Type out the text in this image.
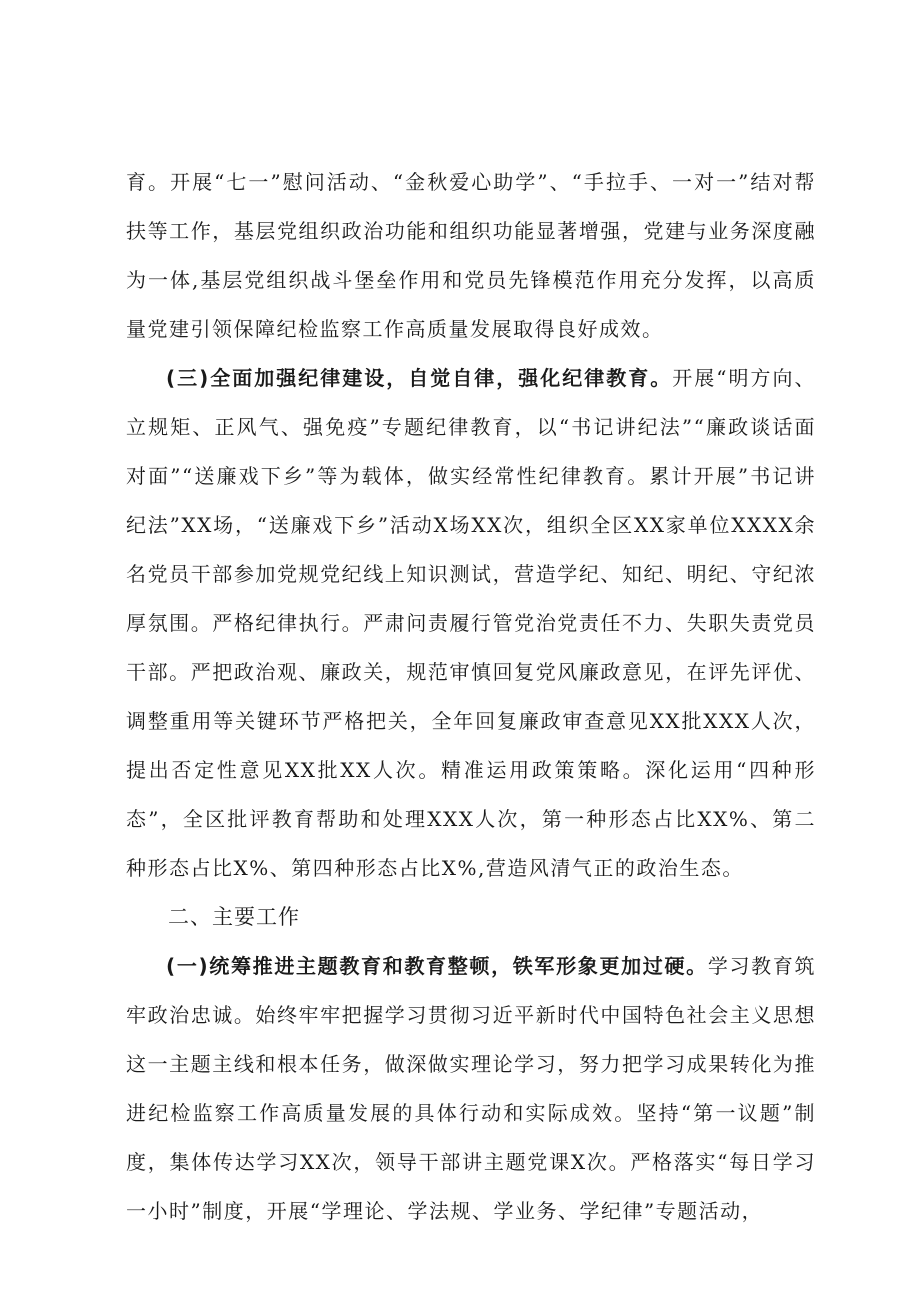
育。开展“七一”慰问活动、“金秋爱心助学”、“手拉手、一对一”结对帮扶等工作，基层党组织政治功能和组织功能显著增强，党建与业务深度融为一体,基层党组织战斗堡垒作用和党员先锋模范作用充分发挥，以高质量党建引领保障纪检监察工作高质量发展取得良好成效。

(三)全面加强纪律建设，自觉自律，强化纪律教育。开展“明方向、立规矩、正风气、强免疫”专题纪律教育，以“书记讲纪法”“廉政谈话面对面”“送廉戏下乡”等为载体，做实经常性纪律教育。累计开展”书记讲纪法”XX场，“送廉戏下乡”活动X场XX次，组织全区XX家单位XXXX余名党员干部参加党规党纪线上知识测试，营造学纪、知纪、明纪、守纪浓厚氛围。严格纪律执行。严肃问责履行管党治党责任不力、失职失责党员干部。严把政治观、廉政关，规范审慎回复党风廉政意见，在评先评优、调整重用等关键环节严格把关，全年回复廉政审查意见XX批XXX人次，提出否定性意见XX批XX人次。精准运用政策策略。深化运用“四种形态”，全区批评教育帮助和处理XXX人次，第一种形态占比XX%、第二种形态占比X%、第四种形态占比X%,营造风清气正的政治生态。

二、主要工作

(一)统筹推进主题教育和教育整顿，铁军形象更加过硬。学习教育筑牢政治忠诚。始终牢牢把握学习贯彻习近平新时代中国特色社会主义思想这一主题主线和根本任务，做深做实理论学习，努力把学习成果转化为推进纪检监察工作高质量发展的具体行动和实际成效。坚持“第一议题”制度，集体传达学习XX次，领导干部讲主题党课X次。严格落实“每日学习一小时”制度，开展“学理论、学法规、学业务、学纪律”专题活动，
